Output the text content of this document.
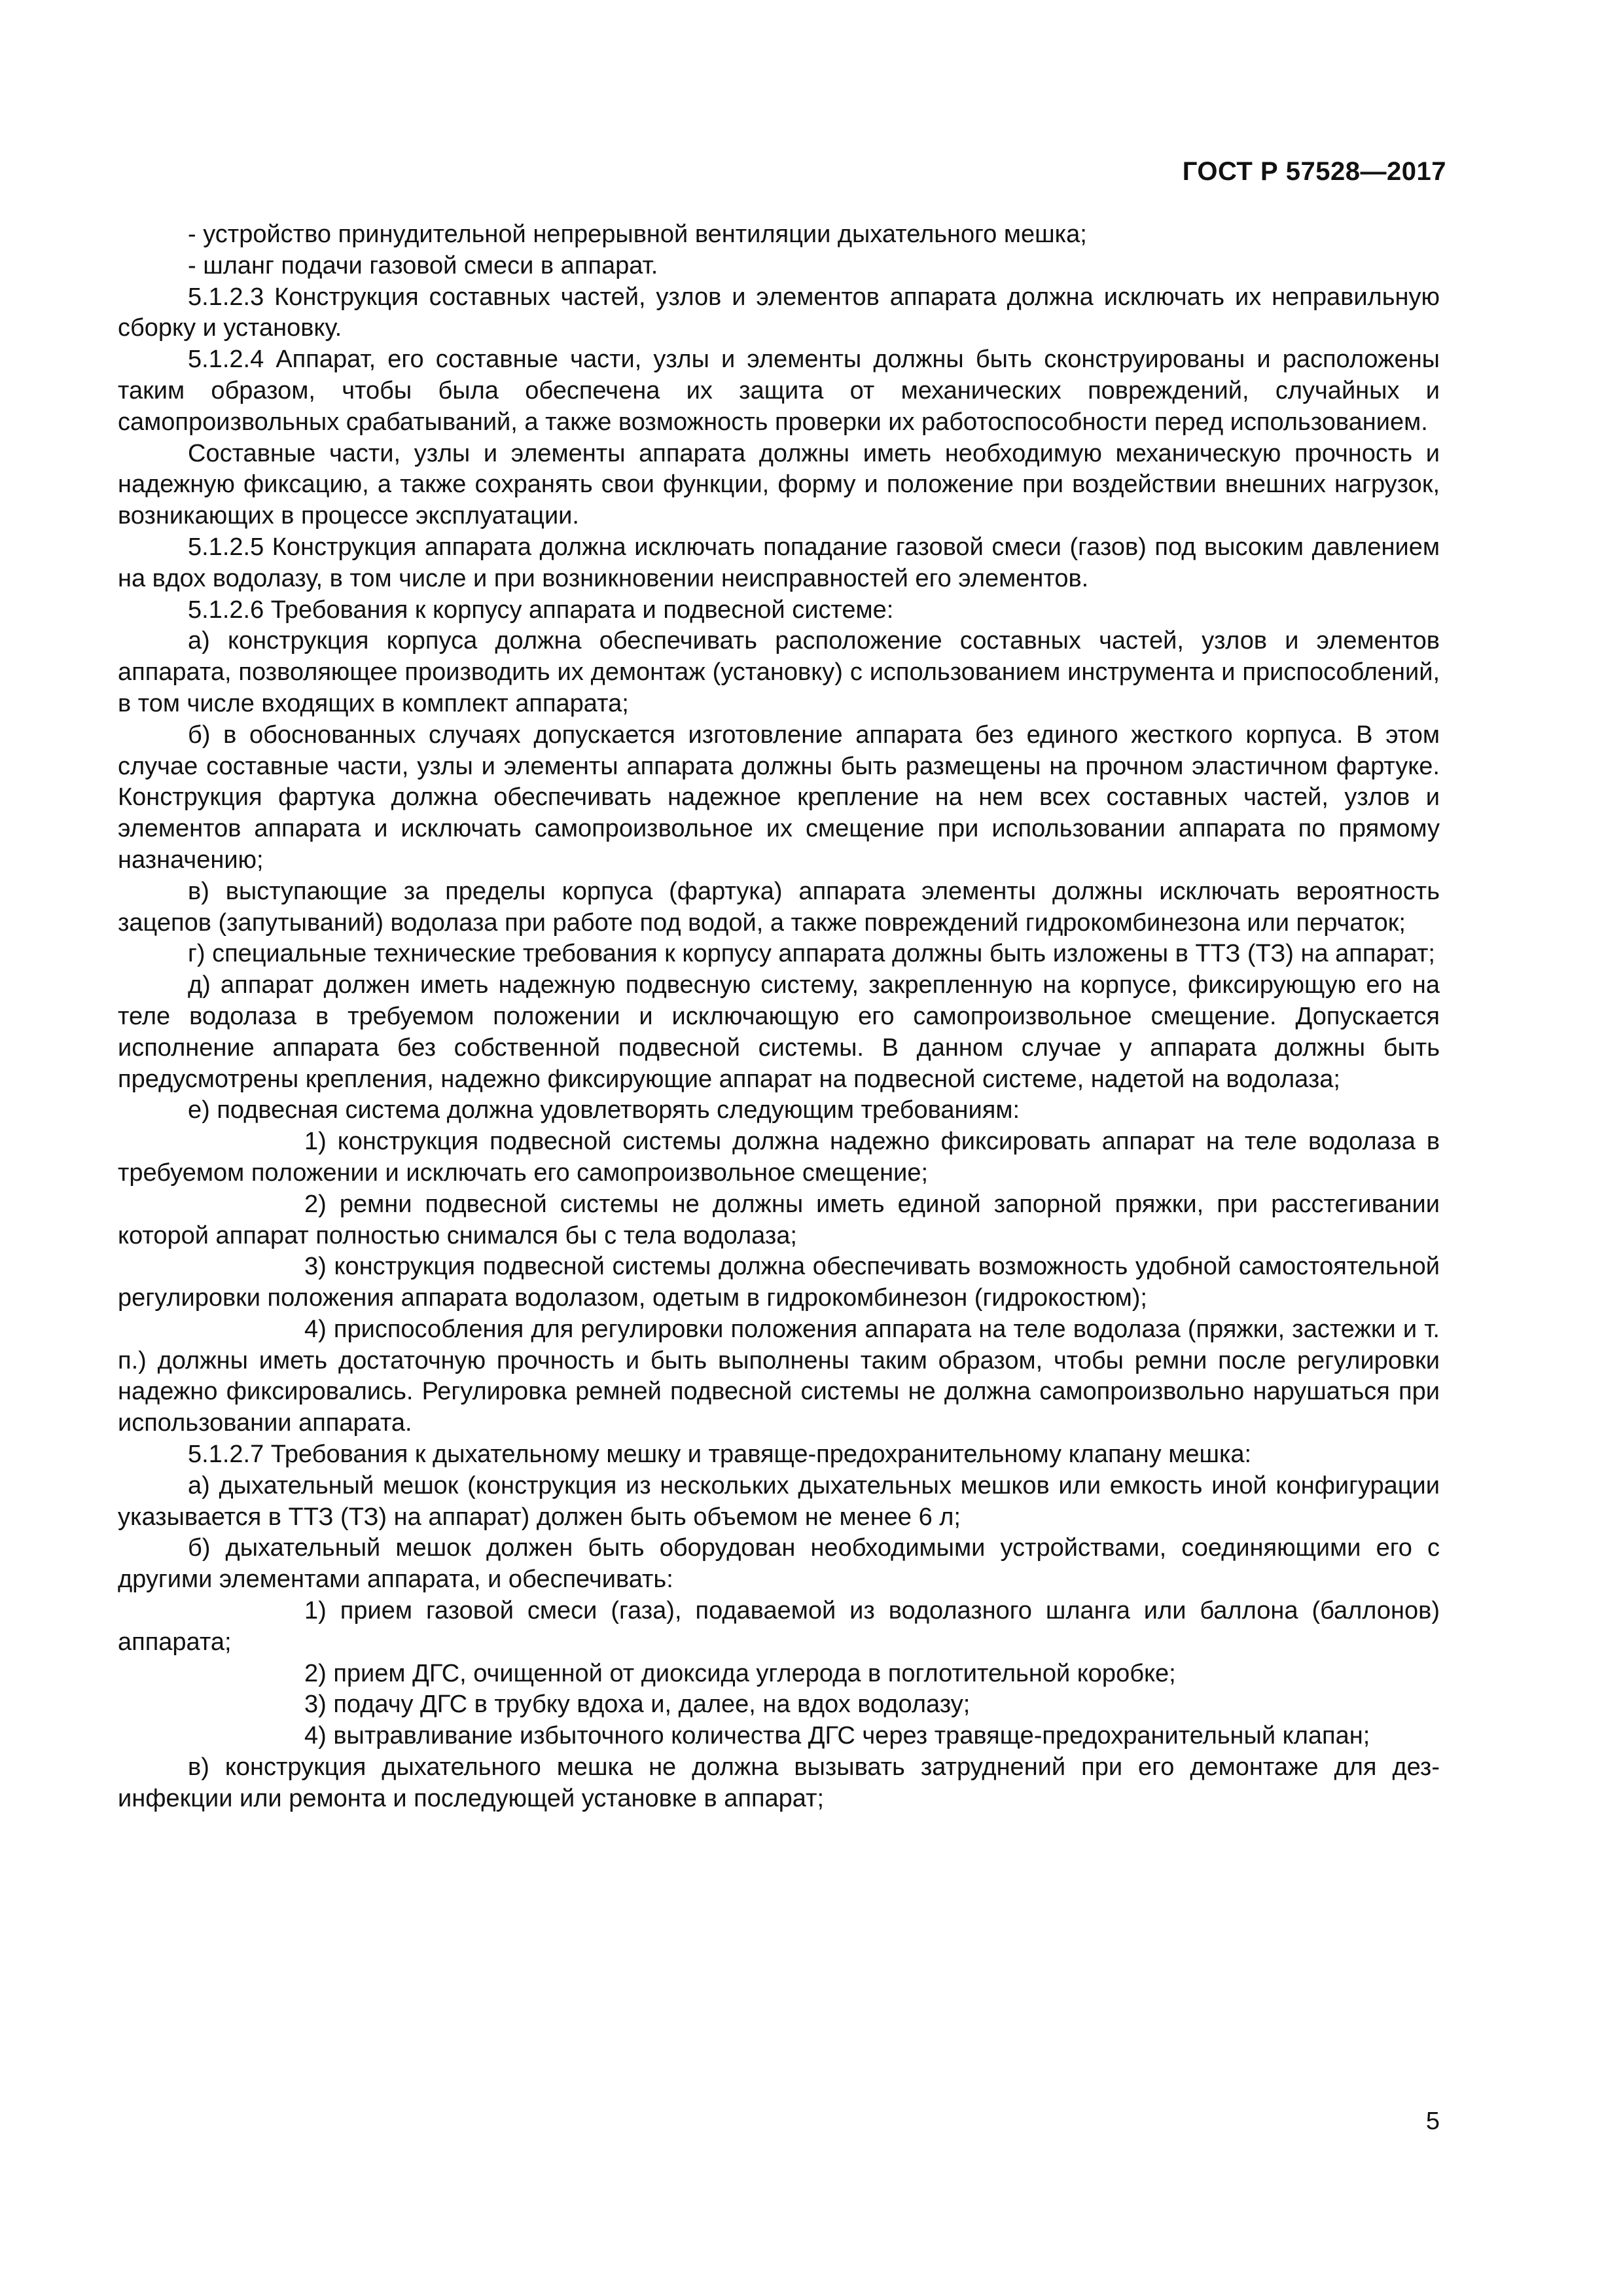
ГОСТ Р 57528—2017

- устройство принудительной непрерывной вентиляции дыхательного мешка;

- шланг подачи газовой смеси в аппарат.

5.1.2.3 Конструкция составных частей, узлов и элементов аппарата должна исключать их неправильную сборку и установку.

5.1.2.4 Аппарат, его составные части, узлы и элементы должны быть сконструированы и расположены таким образом, чтобы была обеспечена их защита от механических повреждений, случайных и самопроизвольных срабатываний, а также возможность проверки их работоспособности перед использованием.

Составные части, узлы и элементы аппарата должны иметь необходимую механическую прочность и надежную фиксацию, а также сохранять свои функции, форму и положение при воздействии внешних нагрузок, возникающих в процессе эксплуатации.

5.1.2.5 Конструкция аппарата должна исключать попадание газовой смеси (газов) под высоким давлением на вдох водолазу, в том числе и при возникновении неисправностей его элементов.

5.1.2.6 Требования к корпусу аппарата и подвесной системе:

а) конструкция корпуса должна обеспечивать расположение составных частей, узлов и элементов аппарата, позволяющее производить их демонтаж (установку) с использованием инструмента и приспособлений, в том числе входящих в комплект аппарата;

б) в обоснованных случаях допускается изготовление аппарата без единого жесткого корпуса. В этом случае составные части, узлы и элементы аппарата должны быть размещены на прочном эластичном фартуке. Конструкция фартука должна обеспечивать надежное крепление на нем всех составных частей, узлов и элементов аппарата и исключать самопроизвольное их смещение при использовании аппарата по прямому назначению;

в) выступающие за пределы корпуса (фартука) аппарата элементы должны исключать вероятность зацепов (запутываний) водолаза при работе под водой, а также повреждений гидрокомбинезона или перчаток;

г) специальные технические требования к корпусу аппарата должны быть изложены в ТТЗ (ТЗ) на аппарат;

д) аппарат должен иметь надежную подвесную систему, закрепленную на корпусе, фиксирующую его на теле водолаза в требуемом положении и исключающую его самопроизвольное смещение. Допускается исполнение аппарата без собственной подвесной системы. В данном случае у аппарата должны быть предусмотрены крепления, надежно фиксирующие аппарат на подвесной системе, надетой на водолаза;

е) подвесная система должна удовлетворять следующим требованиям:

1) конструкция подвесной системы должна надежно фиксировать аппарат на теле водолаза в требуемом положении и исключать его самопроизвольное смещение;

2) ремни подвесной системы не должны иметь единой запорной пряжки, при расстегивании которой аппарат полностью снимался бы с тела водолаза;

3) конструкция подвесной системы должна обеспечивать возможность удобной самостоятельной регулировки положения аппарата водолазом, одетым в гидрокомбинезон (гидрокостюм);

4) приспособления для регулировки положения аппарата на теле водолаза (пряжки, застежки и т. п.) должны иметь достаточную прочность и быть выполнены таким образом, чтобы ремни после регулировки надежно фиксировались. Регулировка ремней подвесной системы не должна самопроизвольно нарушаться при использовании аппарата.

5.1.2.7 Требования к дыхательному мешку и травяще-предохранительному клапану мешка:

а) дыхательный мешок (конструкция из нескольких дыхательных мешков или емкость иной конфигурации указывается в ТТЗ (ТЗ) на аппарат) должен быть объемом не менее 6 л;

б) дыхательный мешок должен быть оборудован необходимыми устройствами, соединяющими его с другими элементами аппарата, и обеспечивать:

1) прием газовой смеси (газа), подаваемой из водолазного шланга или баллона (баллонов) аппарата;

2) прием ДГС, очищенной от диоксида углерода в поглотительной коробке;

3) подачу ДГС в трубку вдоха и, далее, на вдох водолазу;

4) вытравливание избыточного количества ДГС через травяще-предохранительный клапан;

в) конструкция дыхательного мешка не должна вызывать затруднений при его демонтаже для дезинфекции или ремонта и последующей установке в аппарат;

5
